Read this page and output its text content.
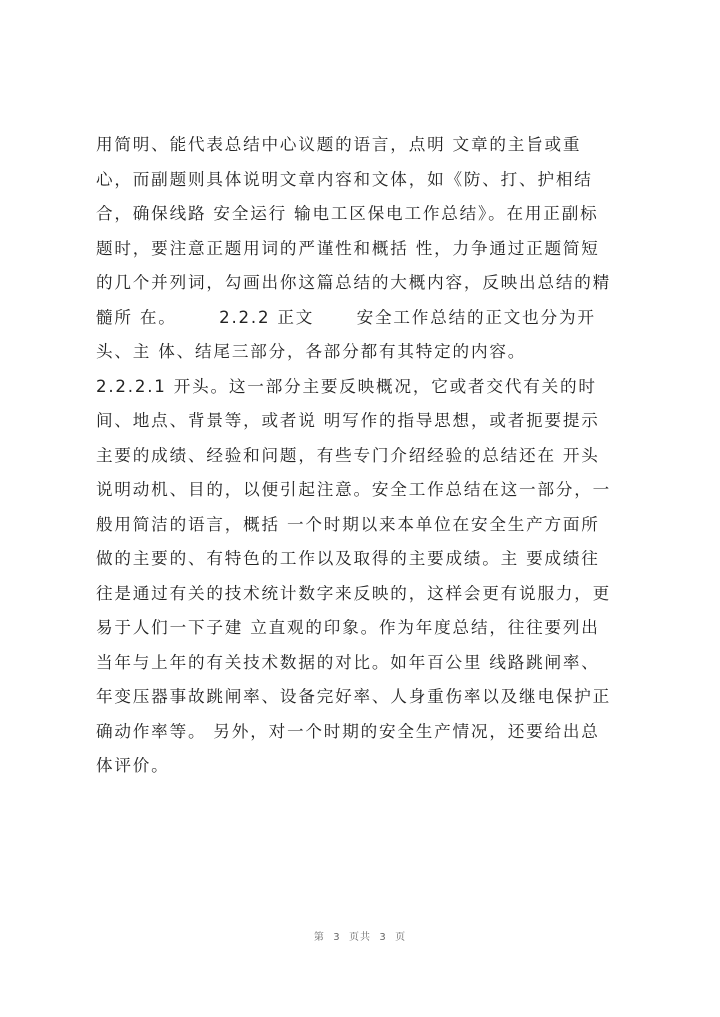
用简明、能代表总结中心议题的语言，点明 文章的主旨或重
心，而副题则具体说明文章内容和文体，如《防、打、护相结
合，确保线路 安全运行 输电工区保电工作总结》。在用正副标
题时，要注意正题用词的严谨性和概括 性，力争通过正题简短
的几个并列词，勾画出你这篇总结的大概内容，反映出总结的精
髓所 在。      2.2.2 正文      安全工作总结的正文也分为开
头、主 体、结尾三部分，各部分都有其特定的内容。
2.2.2.1 开头。这一部分主要反映概况，它或者交代有关的时
间、地点、背景等，或者说 明写作的指导思想，或者扼要提示
主要的成绩、经验和问题，有些专门介绍经验的总结还在 开头
说明动机、目的，以便引起注意。安全工作总结在这一部分，一
般用简洁的语言，概括 一个时期以来本单位在安全生产方面所
做的主要的、有特色的工作以及取得的主要成绩。主 要成绩往
往是通过有关的技术统计数字来反映的，这样会更有说服力，更
易于人们一下子建 立直观的印象。作为年度总结，往往要列出
当年与上年的有关技术数据的对比。如年百公里 线路跳闸率、
年变压器事故跳闸率、设备完好率、人身重伤率以及继电保护正
确动作率等。 另外，对一个时期的安全生产情况，还要给出总
体评价。
第  3  页共  3  页
